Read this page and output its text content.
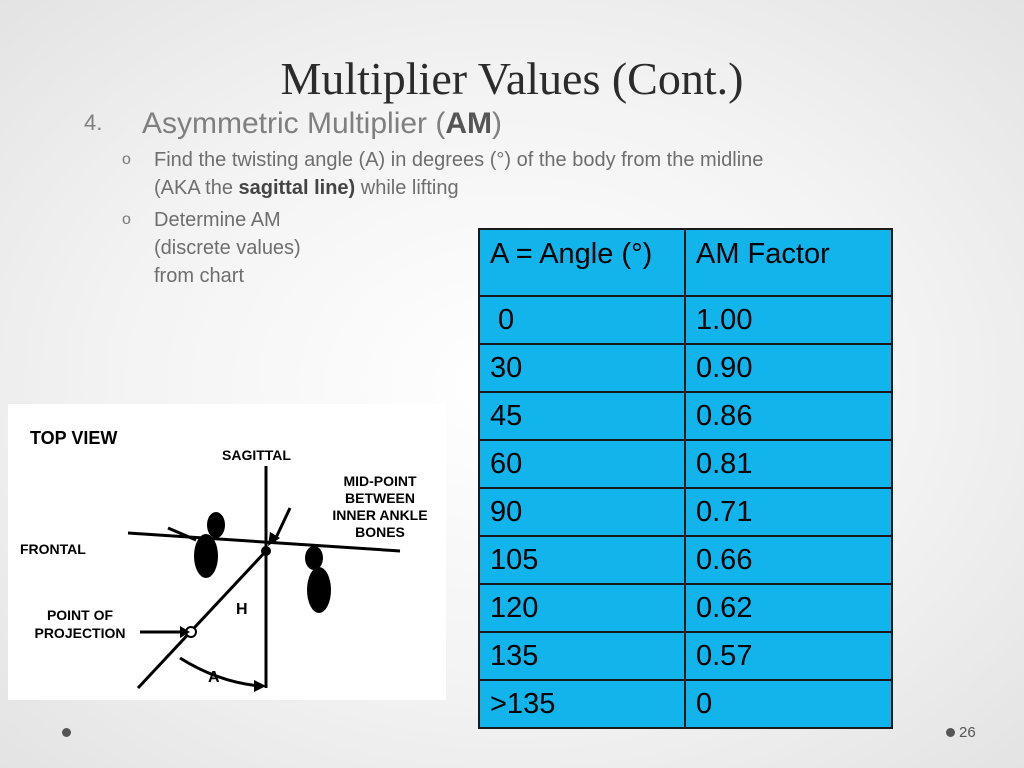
Multiplier Values (Cont.)
4. Asymmetric Multiplier (AM)
o Find the twisting angle (A) in degrees (°) of the body from the midline
(AKA the sagittal line) while lifting
o Determine AM
(discrete values)
from chart
A = Angle (°)	AM Factor
0	1.00
30	0.90
45	0.86
60	0.81
90	0.71
105	0.66
120	0.62
135	0.57
>135	0
TOP VIEW
SAGITTAL
FRONTAL
MID-POINT
BETWEEN
INNER ANKLE
BONES
POINT OF
PROJECTION
H
A
26
